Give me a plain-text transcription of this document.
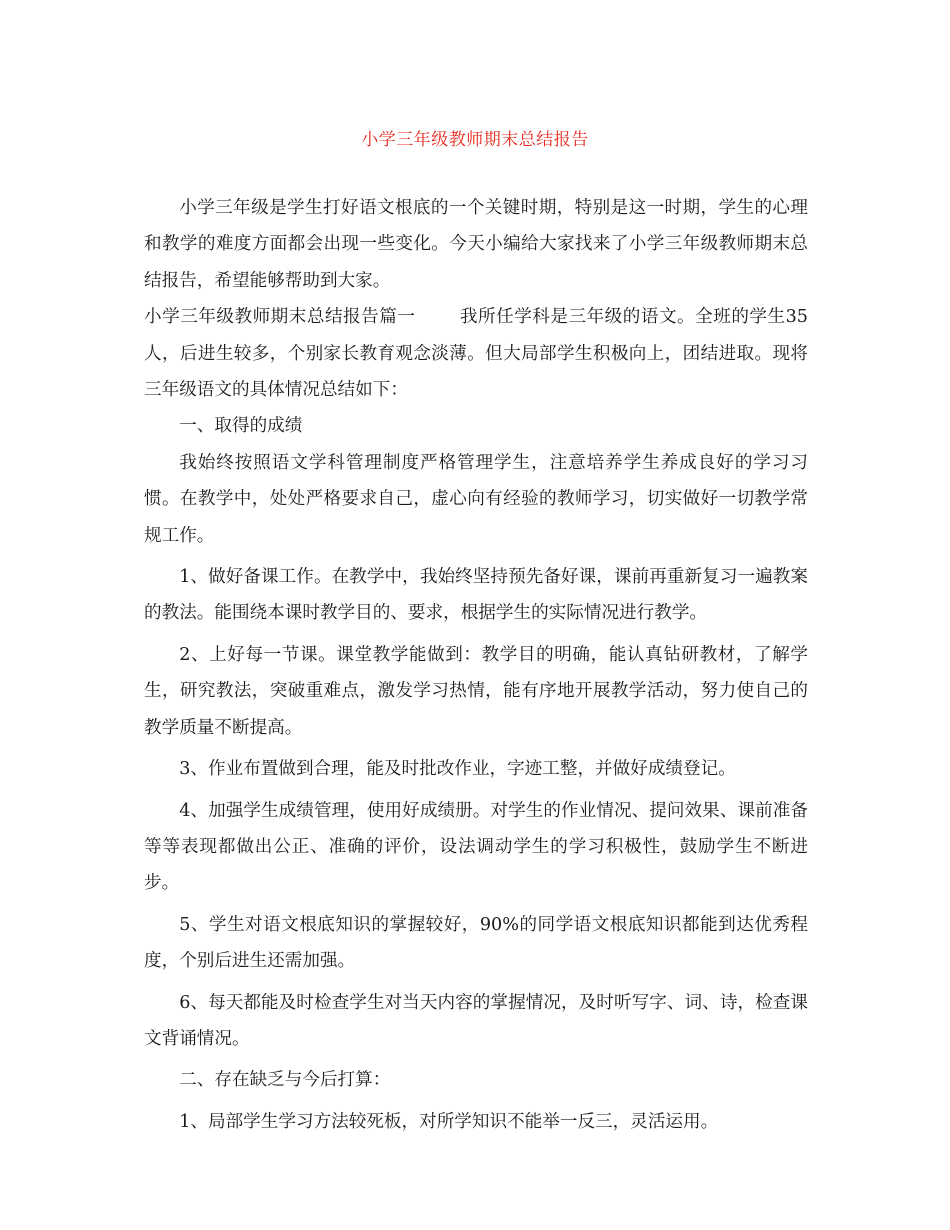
小学三年级教师期末总结报告

小学三年级是学生打好语文根底的一个关键时期，特别是这一时期，学生的心理和教学的难度方面都会出现一些变化。今天小编给大家找来了小学三年级教师期末总结报告，希望能够帮助到大家。

小学三年级教师期末总结报告篇一	我所任学科是三年级的语文。全班的学生35人，后进生较多，个别家长教育观念淡薄。但大局部学生积极向上，团结进取。现将三年级语文的具体情况总结如下：

一、取得的成绩

我始终按照语文学科管理制度严格管理学生，注意培养学生养成良好的学习习惯。在教学中，处处严格要求自己，虚心向有经验的教师学习，切实做好一切教学常规工作。

1、做好备课工作。在教学中，我始终坚持预先备好课，课前再重新复习一遍教案的教法。能围绕本课时教学目的、要求，根据学生的实际情况进行教学。

2、上好每一节课。课堂教学能做到：教学目的明确，能认真钻研教材，了解学生，研究教法，突破重难点，激发学习热情，能有序地开展教学活动，努力使自己的教学质量不断提高。

3、作业布置做到合理，能及时批改作业，字迹工整，并做好成绩登记。

4、加强学生成绩管理，使用好成绩册。对学生的作业情况、提问效果、课前准备等等表现都做出公正、准确的评价，设法调动学生的学习积极性，鼓励学生不断进步。

5、学生对语文根底知识的掌握较好，90%的同学语文根底知识都能到达优秀程度，个别后进生还需加强。

6、每天都能及时检查学生对当天内容的掌握情况，及时听写字、词、诗，检查课文背诵情况。

二、存在缺乏与今后打算：

1、局部学生学习方法较死板，对所学知识不能举一反三，灵活运用。
